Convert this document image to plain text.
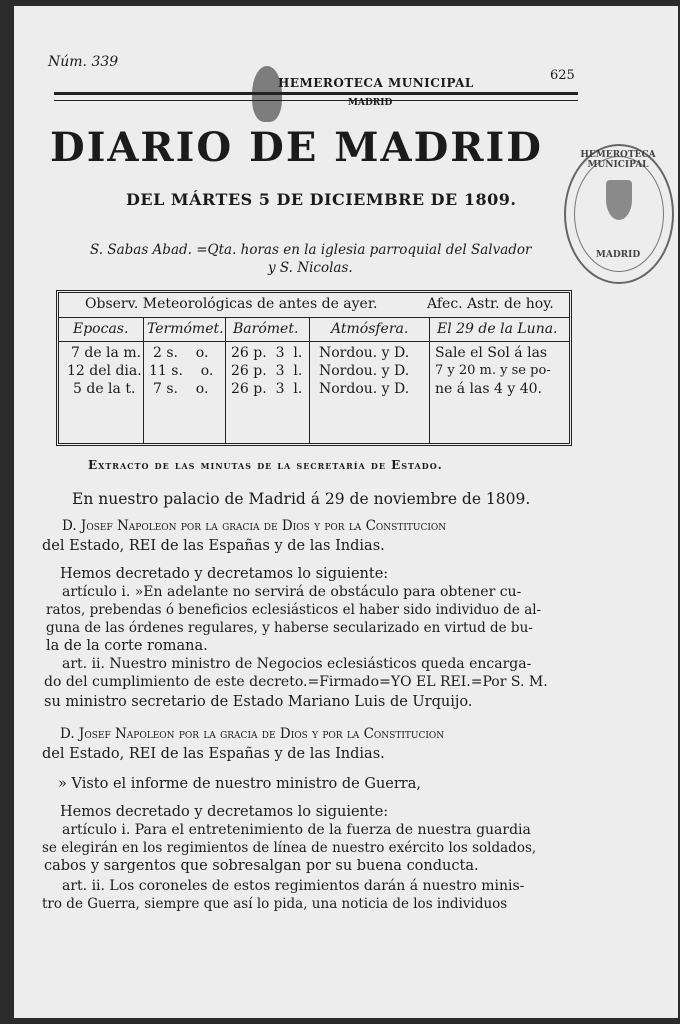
Núm. 339
625
HEMEROTECA MUNICIPAL
MADRID
DIARIO DE MADRID
DEL MÁRTES 5 DE DICIEMBRE DE 1809.
S. Sabas Abad. =Qta. horas en la iglesia parroquial del Salvador
y S. Nicolas.
HEMEROTECA MUNICIPAL
MADRID
Observ. Meteorológicas de antes de ayer.	Afec. Astr. de hoy.
Epocas. Termómet. Barómet. Atmósfera. El 29 de la Luna.
7 de la m. 2 s.    o. 26 p.  3  l. Nordou. y D.
12 del dia. 11 s.    o. 26 p.  3  l. Nordou. y D.
5 de la t. 7 s.    o. 26 p.  3  l. Nordou. y D.
Sale el Sol á las
7 y 20 m. y se po-
ne á las 4 y 40.
Extracto de las minutas de la secretaría de Estado.
En nuestro palacio de Madrid á 29 de noviembre de 1809.
D. Josef Napoleon por la gracia de Dios y por la Constitucion
del Estado, REI de las Españas y de las Indias.
Hemos decretado y decretamos lo siguiente:
artículo i. »En adelante no servirá de obstáculo para obtener cu-
ratos, prebendas ó beneficios eclesiásticos el haber sido individuo de al-
guna de las órdenes regulares, y haberse secularizado en virtud de bu-
la de la corte romana.
art. ii. Nuestro ministro de Negocios eclesiásticos queda encarga-
do del cumplimiento de este decreto.=Firmado=YO EL REI.=Por S. M.
su ministro secretario de Estado Mariano Luis de Urquijo.
D. Josef Napoleon por la gracia de Dios y por la Constitucion
del Estado, REI de las Españas y de las Indias.
» Visto el informe de nuestro ministro de Guerra,
Hemos decretado y decretamos lo siguiente:
artículo i. Para el entretenimiento de la fuerza de nuestra guardia
se elegirán en los regimientos de línea de nuestro exército los soldados,
cabos y sargentos que sobresalgan por su buena conducta.
art. ii. Los coroneles de estos regimientos darán á nuestro minis-
tro de Guerra, siempre que así lo pida, una noticia de los individuos
